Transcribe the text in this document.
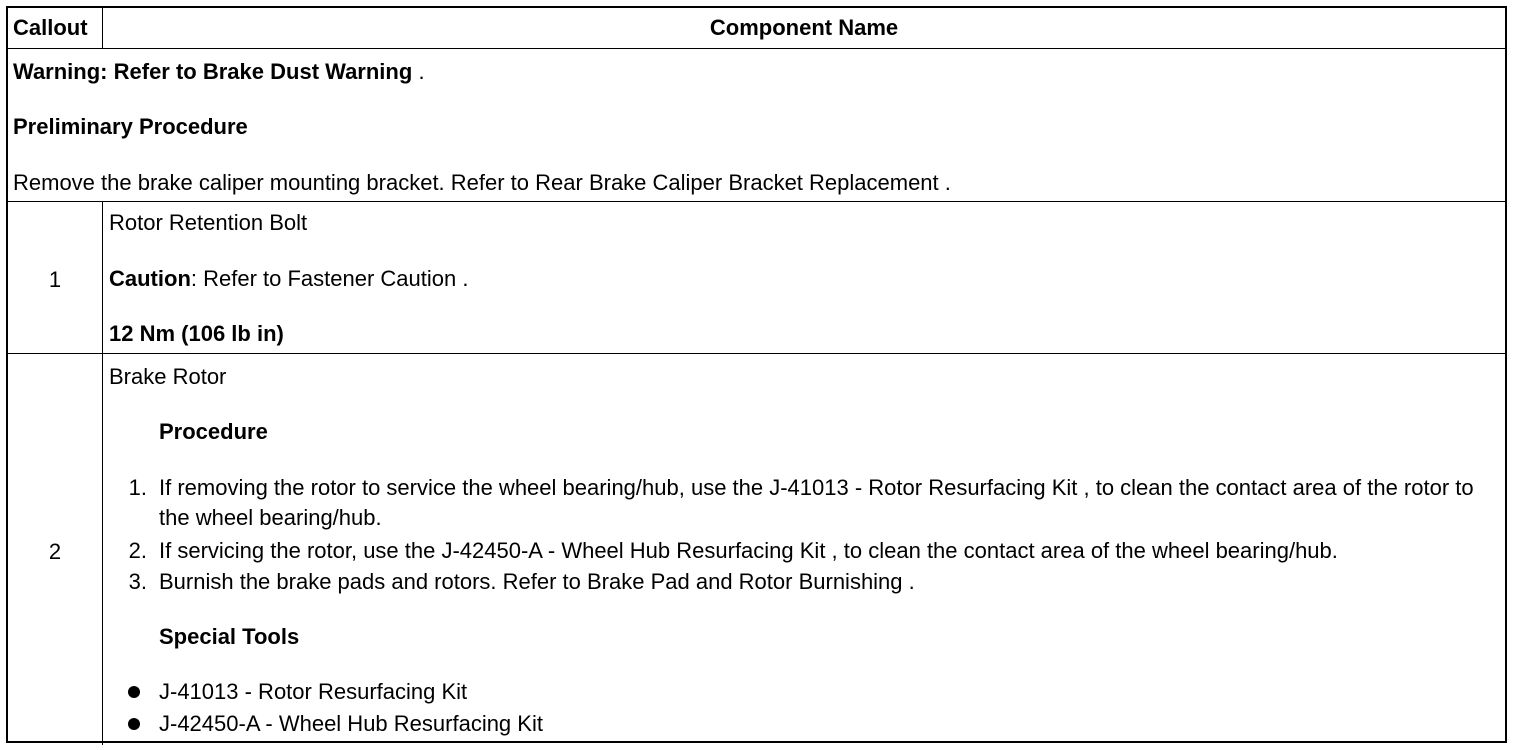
Callout	Component Name
Warning: Refer to Brake Dust Warning .
Preliminary Procedure
Remove the brake caliper mounting bracket. Refer to Rear Brake Caliper Bracket Replacement .
1
Rotor Retention Bolt
Caution: Refer to Fastener Caution .
12 Nm (106 lb in)
2
Brake Rotor
Procedure
1. If removing the rotor to service the wheel bearing/hub, use the J-41013 - Rotor Resurfacing Kit , to clean the contact area of the rotor to the wheel bearing/hub.
2. If servicing the rotor, use the J-42450-A - Wheel Hub Resurfacing Kit , to clean the contact area of the wheel bearing/hub.
3. Burnish the brake pads and rotors. Refer to Brake Pad and Rotor Burnishing .
Special Tools
J-41013 - Rotor Resurfacing Kit
J-42450-A - Wheel Hub Resurfacing Kit
